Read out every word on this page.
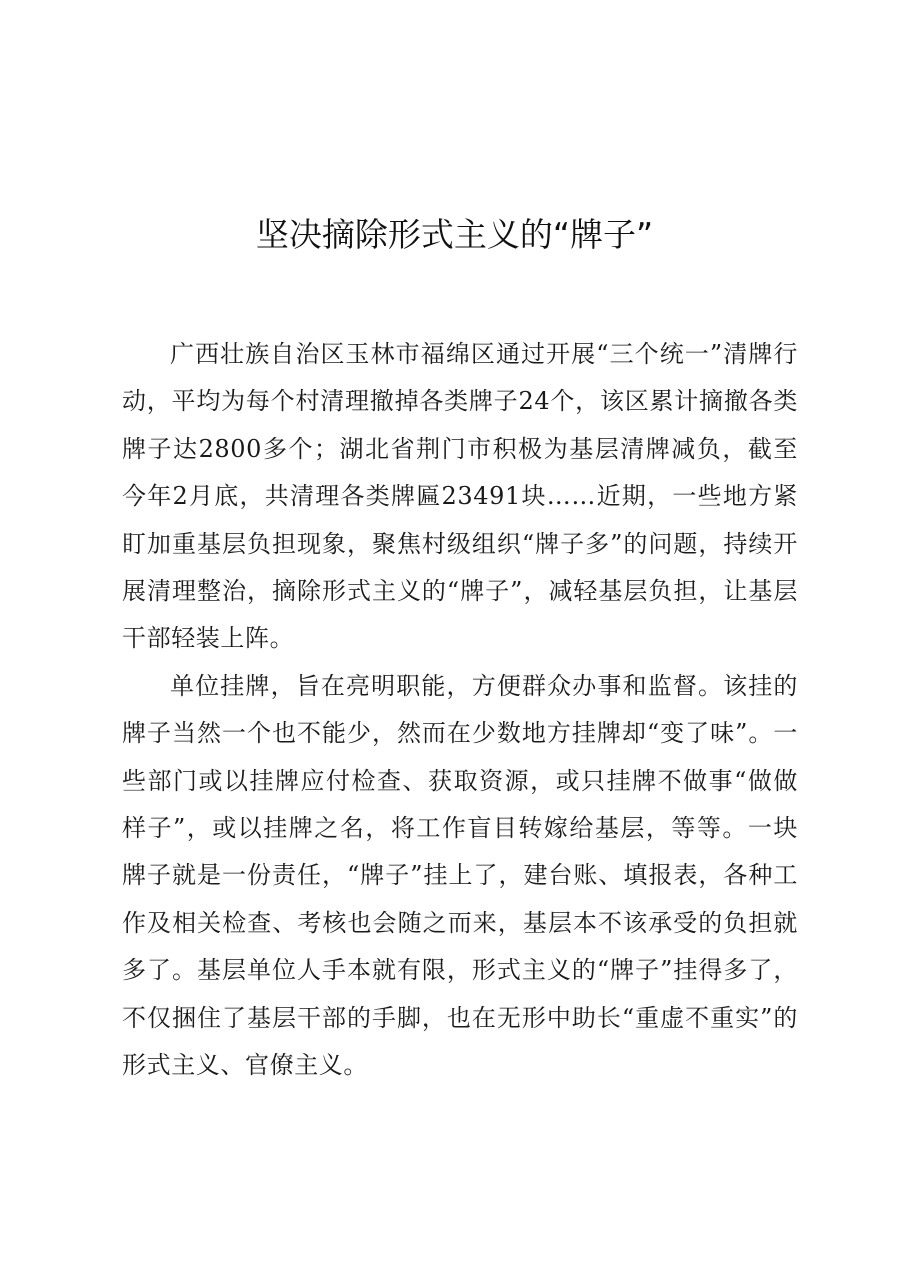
坚决摘除形式主义的“牌子”

广西壮族自治区玉林市福绵区通过开展“三个统一”清牌行动，平均为每个村清理撤掉各类牌子24个，该区累计摘撤各类牌子达2800多个；湖北省荆门市积极为基层清牌减负，截至今年2月底，共清理各类牌匾23491块……近期，一些地方紧盯加重基层负担现象，聚焦村级组织“牌子多”的问题，持续开展清理整治，摘除形式主义的“牌子”，减轻基层负担，让基层干部轻装上阵。

单位挂牌，旨在亮明职能，方便群众办事和监督。该挂的牌子当然一个也不能少，然而在少数地方挂牌却“变了味”。一些部门或以挂牌应付检查、获取资源，或只挂牌不做事“做做样子”，或以挂牌之名，将工作盲目转嫁给基层，等等。一块牌子就是一份责任，“牌子”挂上了，建台账、填报表，各种工作及相关检查、考核也会随之而来，基层本不该承受的负担就多了。基层单位人手本就有限，形式主义的“牌子”挂得多了，不仅捆住了基层干部的手脚，也在无形中助长“重虚不重实”的形式主义、官僚主义。
